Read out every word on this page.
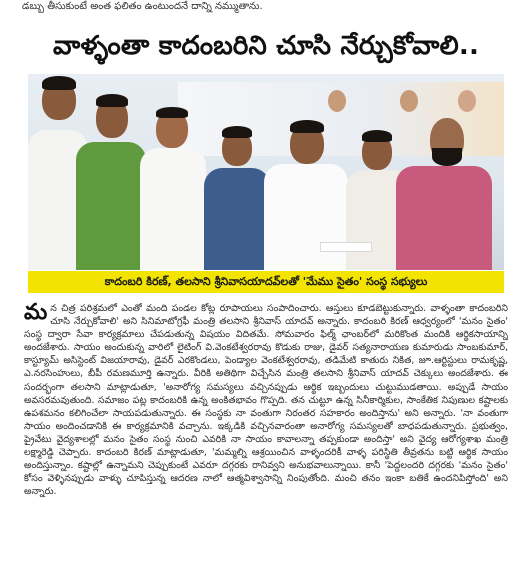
డబ్బు తీసుకుంటే అంత ఫలితం ఉంటుందనే దాన్ని నమ్ముతాను.
వాళ్ళంతా కాదంబరిని చూసి నేర్చుకోవాలి..
కాదంబరి కిరణ్, తలసాని శ్రీనివాసయాదవ్‌లతో 'మేము సైతం' సంస్థ సభ్యులు
మ న చిత్ర పరిశ్రమలో ఎంతో మంది పండల కోట్ల రూపాయలు సంపాదించారు. ఆస్తులు కూడబెట్టుకున్నారు. వాళ్ళంతా కాదంబరిని చూసి నేర్చుకోవాలి' అని సినిమాటోగ్రఫీ మంత్రి తలసాని శ్రీనివాస్ యాదవ్ అన్నారు. కాదంబరి కిరణ్ ఆధ్వర్యంలో 'మనం సైతం' సంస్థ ద్వారా సేవా కార్యక్రమాలు చేపడుతున్న విషయం విదితమే. సోమవారం ఫిల్మ్ ఛాంబర్‌లో మరికొంత మందికి ఆర్థికసాయాన్ని అందజేశారు. సాయం అందుకున్న వారిలో లైటింగ్ వి.వెంకటేశ్వరరావు కొడుకు రాజు, డైవర్ సత్యనారాయణ కుమారుడు సాంబకుమార్, కాస్ట్యూమ్ అసిస్టెంట్ విజయారావు, డైవర్ ఎరకొండలు, పెండ్యాల వెంకటేశ్వరరావు, తడిమేటి కాతురు నికిత, జూ.ఆర్టిస్టులు రామకృష్ణ, ఎ.నరసింహులు, బీపీ రమణమూర్తి ఉన్నారు. వీరికి అతిథిగా విచ్చేసిన మంత్రి తలసాని శ్రీనివాస్ యాదవ్ చెక్కులు అందజేశారు. ఈ సందర్భంగా తలసాని మాట్లాడుతూ, 'అనారోగ్య సమస్యలు వచ్చినప్పుడు ఆర్థిక ఇబ్బందులు చుట్టుముడతాయి. అప్పుడే సాయం అవసరమవుతుంది. సమాజం పట్ల కాదంబరికి ఉన్న అంకితభావం గొప్పది. తన చుట్టూ ఉన్న సినీకార్మికుల, సాంకేతిక నిపుణుల కష్టాలకు ఉపశమనం కలిగించేలా సాయపడుతున్నారు. ఈ సంస్థకు నా వంతుగా నిరంతర సహకారం అందిస్తాను' అని అన్నారు. 'నా వంతుగా సాయం అందించడానికి ఈ కార్యక్రమానికి వచ్చాను. ఇక్కడికి వచ్చినవారంతా అనారోగ్య సమస్యలతో బాధపడుతున్నారు. ప్రభుత్వం, ప్రైవేటు వైద్యశాలల్లో మనం సైతం సంస్థ నుంచి ఎవరికి నా సాయం కావాలన్నా తప్పకుండా అందిస్తా' అని వైద్య ఆరోగ్యశాఖ మంత్రి లక్ష్మారెడ్డి చెప్పారు. కాదంబరి కిరణ్ మాట్లాడుతూ, 'మమ్మల్ని ఆశ్రయించిన వాళ్ళందరికీ వాళ్ళ పరిస్థితి తీవ్రతను బట్టి ఆర్థిక సాయం అందిస్తున్నాం. కష్టాల్లో ఉన్నామని చెప్పుకుంటే ఎవరూ దగ్గరకు రానివ్వని అనుభవాలున్నాయి. కానీ 'పెద్దలందరి దగ్గరకు 'మనం సైతం' కోసం వెళ్ళినప్పుడు వాళ్ళు చూపిస్తున్న ఆదరణ నాలో ఆత్మవిశ్వాసాన్ని నింపుతోంది. మంచి తనం ఇంకా బతికే ఉందనిపిస్తోంది' అని అన్నారు.
